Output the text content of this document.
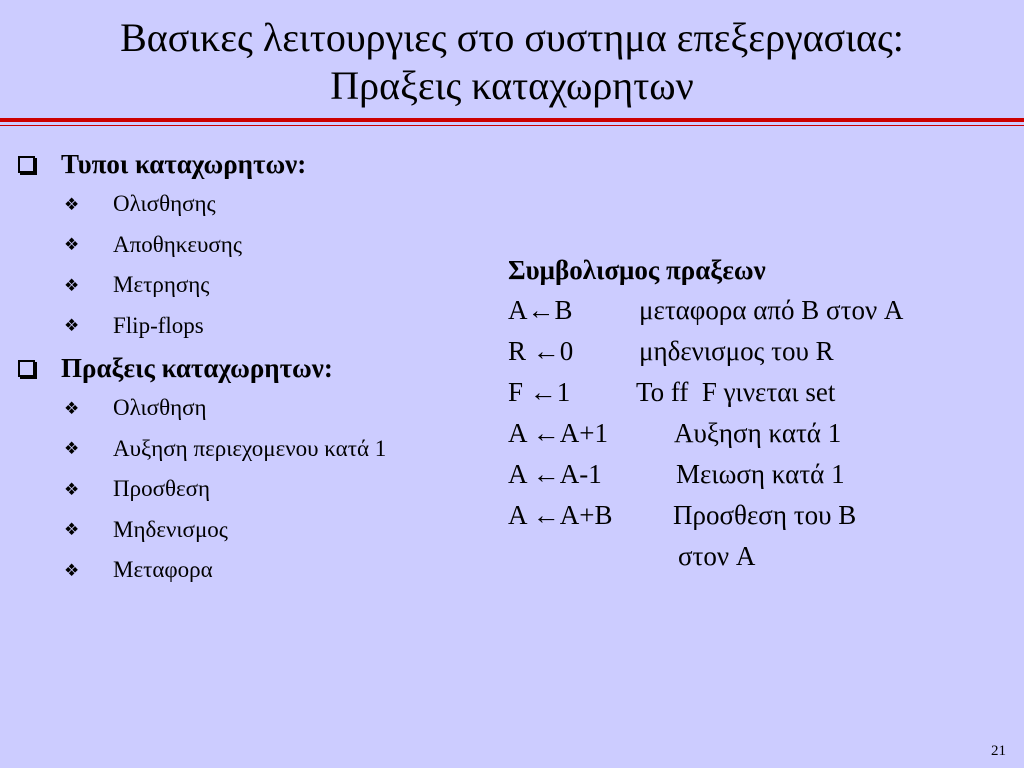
Βασικες λειτουργιες στο συστημα επεξεργασιας:
Πραξεις καταχωρητων
Τυποι καταχωρητων:
❖ Ολισθησης
❖ Αποθηκευσης
❖ Μετρησης
❖ Flip-flops
Πραξεις καταχωρητων:
❖ Ολισθηση
❖ Αυξηση περιεχομενου κατά 1
❖ Προσθεση
❖ Μηδενισμος
❖ Μεταφορα
Συμβολισμος πραξεων
A←B μεταφορα από B στον A
R ←0 μηδενισμος του R
F ←1 To ff  F γινεται set
A ←A+1 Αυξηση κατά 1
A ←A-1	Μειωση κατά 1
A ←A+B Προσθεση του B
στον A
21
